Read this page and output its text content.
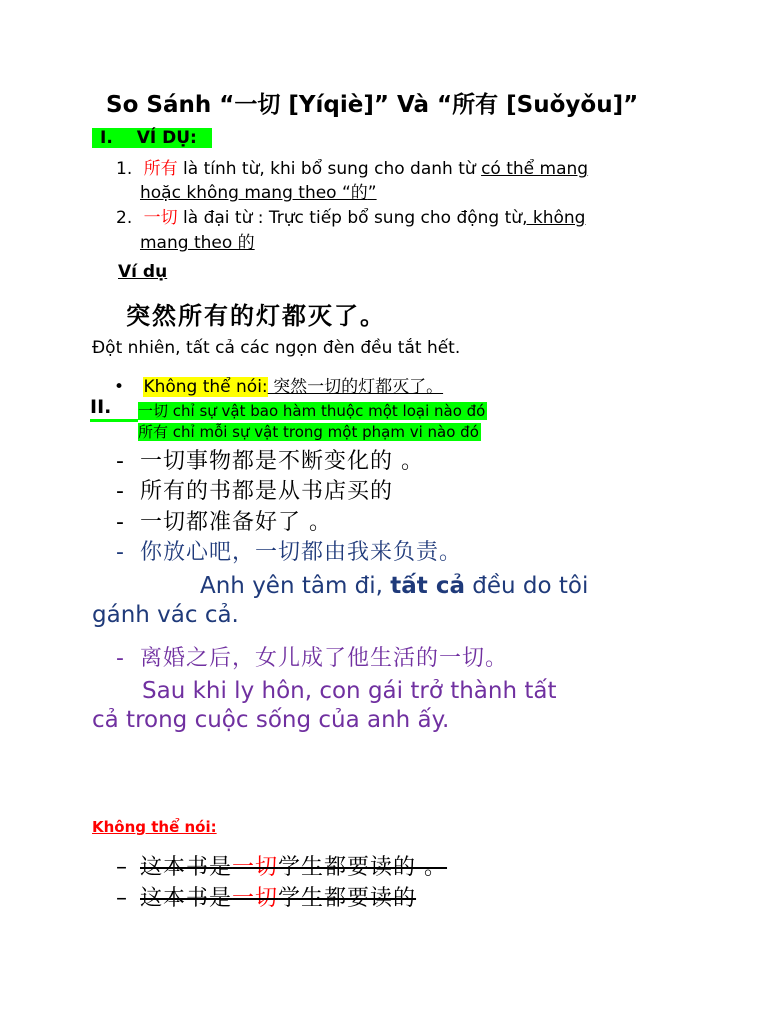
So Sánh “一切 [Yíqiè]” Và “所有 [Suǒyǒu]”
I. VÍ DỤ:
1. 所有 là tính từ, khi bổ sung cho danh từ có thể mang
hoặc không mang theo “的”
2. 一切 là đại từ : Trực tiếp bổ sung cho động từ, không
mang theo 的
Ví dụ
突然所有的灯都灭了。
Đột nhiên, tất cả các ngọn đèn đều tắt hết.
• Không thể nói: 突然一切的灯都灭了。
II. 一切 chỉ sự vật bao hàm thuộc một loại nào đó
所有 chỉ mỗi sự vật trong một phạm vi nào đó
- 一切事物都是不断变化的 。
- 所有的书都是从书店买的
- 一切都准备好了 。
- 你放心吧，一切都由我来负责。
Anh yên tâm đi, tất cả đều do tôi
gánh vác cả.
- 离婚之后，女儿成了他生活的一切。
Sau khi ly hôn, con gái trở thành tất
cả trong cuộc sống của anh ấy.
Không thể nói:
– 这本书是一切学生都要读的 。
– 这本书是一切学生都要读的
